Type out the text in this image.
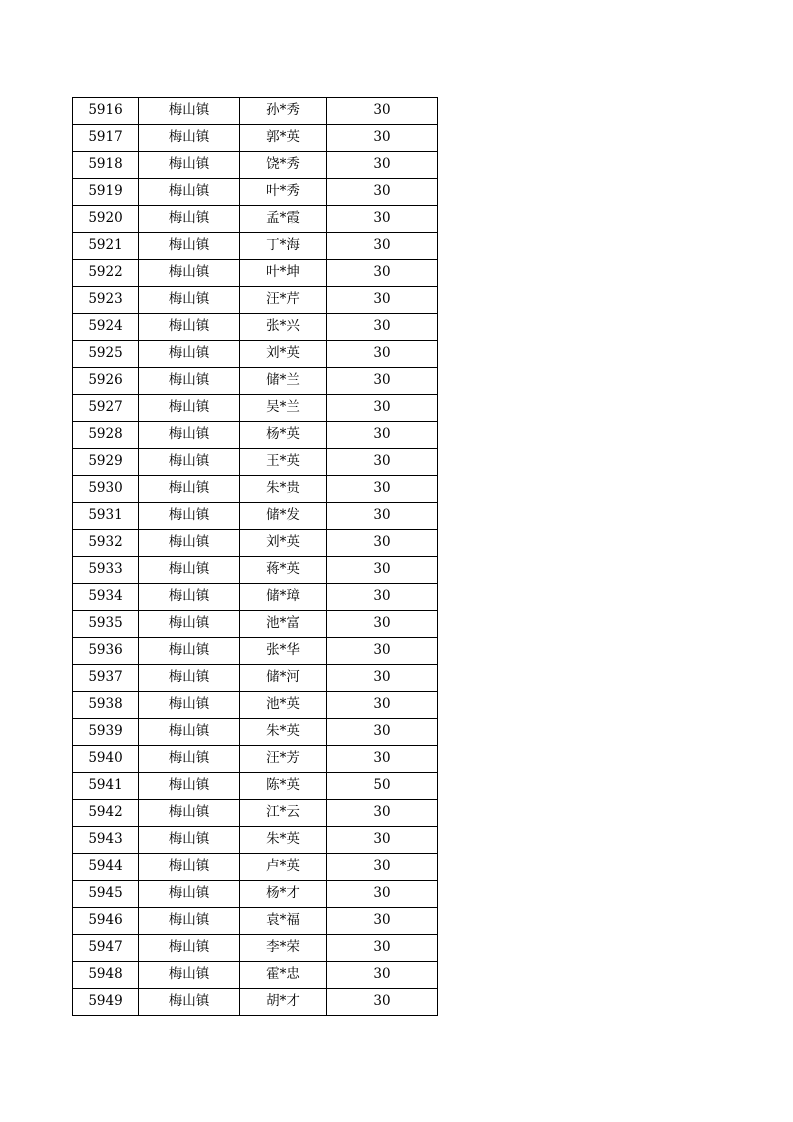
5916	梅山镇	孙*秀	30
5917	梅山镇	郭*英	30
5918	梅山镇	饶*秀	30
5919	梅山镇	叶*秀	30
5920	梅山镇	孟*霞	30
5921	梅山镇	丁*海	30
5922	梅山镇	叶*坤	30
5923	梅山镇	汪*芹	30
5924	梅山镇	张*兴	30
5925	梅山镇	刘*英	30
5926	梅山镇	储*兰	30
5927	梅山镇	吴*兰	30
5928	梅山镇	杨*英	30
5929	梅山镇	王*英	30
5930	梅山镇	朱*贵	30
5931	梅山镇	储*发	30
5932	梅山镇	刘*英	30
5933	梅山镇	蒋*英	30
5934	梅山镇	储*璋	30
5935	梅山镇	池*富	30
5936	梅山镇	张*华	30
5937	梅山镇	储*河	30
5938	梅山镇	池*英	30
5939	梅山镇	朱*英	30
5940	梅山镇	汪*芳	30
5941	梅山镇	陈*英	50
5942	梅山镇	江*云	30
5943	梅山镇	朱*英	30
5944	梅山镇	卢*英	30
5945	梅山镇	杨*才	30
5946	梅山镇	袁*福	30
5947	梅山镇	李*荣	30
5948	梅山镇	霍*忠	30
5949	梅山镇	胡*才	30
